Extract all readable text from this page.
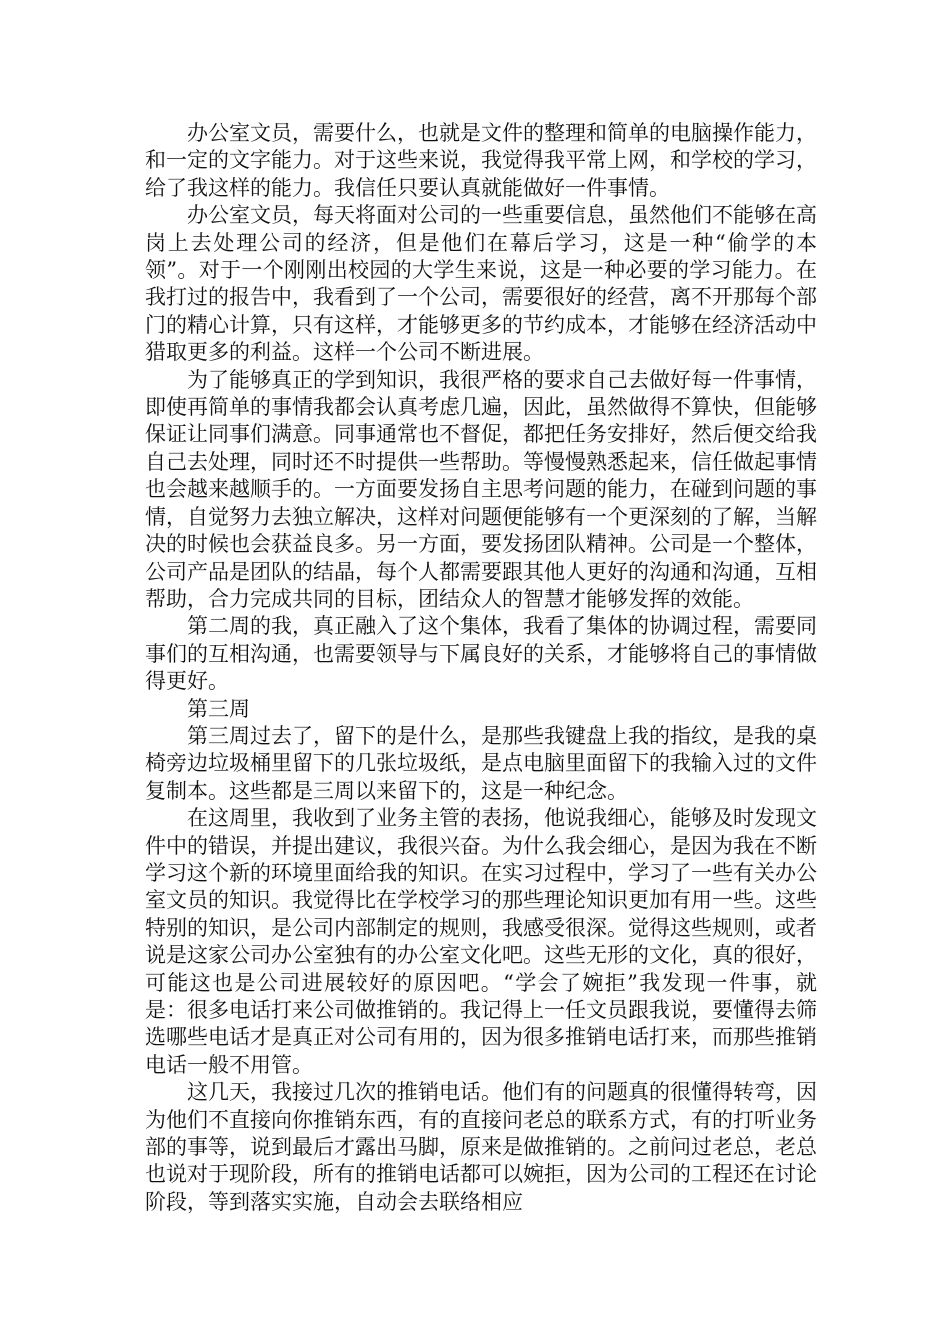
办公室文员，需要什么，也就是文件的整理和简单的电脑操作能力，和一定的文字能力。对于这些来说，我觉得我平常上网，和学校的学习，给了我这样的能力。我信任只要认真就能做好一件事情。

办公室文员，每天将面对公司的一些重要信息，虽然他们不能够在高岗上去处理公司的经济，但是他们在幕后学习，这是一种“偷学的本领”。对于一个刚刚出校园的大学生来说，这是一种必要的学习能力。在我打过的报告中，我看到了一个公司，需要很好的经营，离不开那每个部门的精心计算，只有这样，才能够更多的节约成本，才能够在经济活动中猎取更多的利益。这样一个公司不断进展。

为了能够真正的学到知识，我很严格的要求自己去做好每一件事情，即使再简单的事情我都会认真考虑几遍，因此，虽然做得不算快，但能够保证让同事们满意。同事通常也不督促，都把任务安排好，然后便交给我自己去处理，同时还不时提供一些帮助。等慢慢熟悉起来，信任做起事情也会越来越顺手的。一方面要发扬自主思考问题的能力，在碰到问题的事情，自觉努力去独立解决，这样对问题便能够有一个更深刻的了解，当解决的时候也会获益良多。另一方面，要发扬团队精神。公司是一个整体，公司产品是团队的结晶，每个人都需要跟其他人更好的沟通和沟通，互相帮助，合力完成共同的目标，团结众人的智慧才能够发挥的效能。

第二周的我，真正融入了这个集体，我看了集体的协调过程，需要同事们的互相沟通，也需要领导与下属良好的关系，才能够将自己的事情做得更好。

第三周

第三周过去了，留下的是什么，是那些我键盘上我的指纹，是我的桌椅旁边垃圾桶里留下的几张垃圾纸，是点电脑里面留下的我输入过的文件复制本。这些都是三周以来留下的，这是一种纪念。

在这周里，我收到了业务主管的表扬，他说我细心，能够及时发现文件中的错误，并提出建议，我很兴奋。为什么我会细心，是因为我在不断学习这个新的环境里面给我的知识。在实习过程中，学习了一些有关办公室文员的知识。我觉得比在学校学习的那些理论知识更加有用一些。这些特别的知识，是公司内部制定的规则，我感受很深。觉得这些规则，或者说是这家公司办公室独有的办公室文化吧。这些无形的文化，真的很好，可能这也是公司进展较好的原因吧。“学会了婉拒”我发现一件事，就是：很多电话打来公司做推销的。我记得上一任文员跟我说，要懂得去筛选哪些电话才是真正对公司有用的，因为很多推销电话打来，而那些推销电话一般不用管。

这几天，我接过几次的推销电话。他们有的问题真的很懂得转弯，因为他们不直接向你推销东西，有的直接问老总的联系方式，有的打听业务部的事等，说到最后才露出马脚，原来是做推销的。之前问过老总，老总也说对于现阶段，所有的推销电话都可以婉拒，因为公司的工程还在讨论阶段，等到落实实施，自动会去联络相应
